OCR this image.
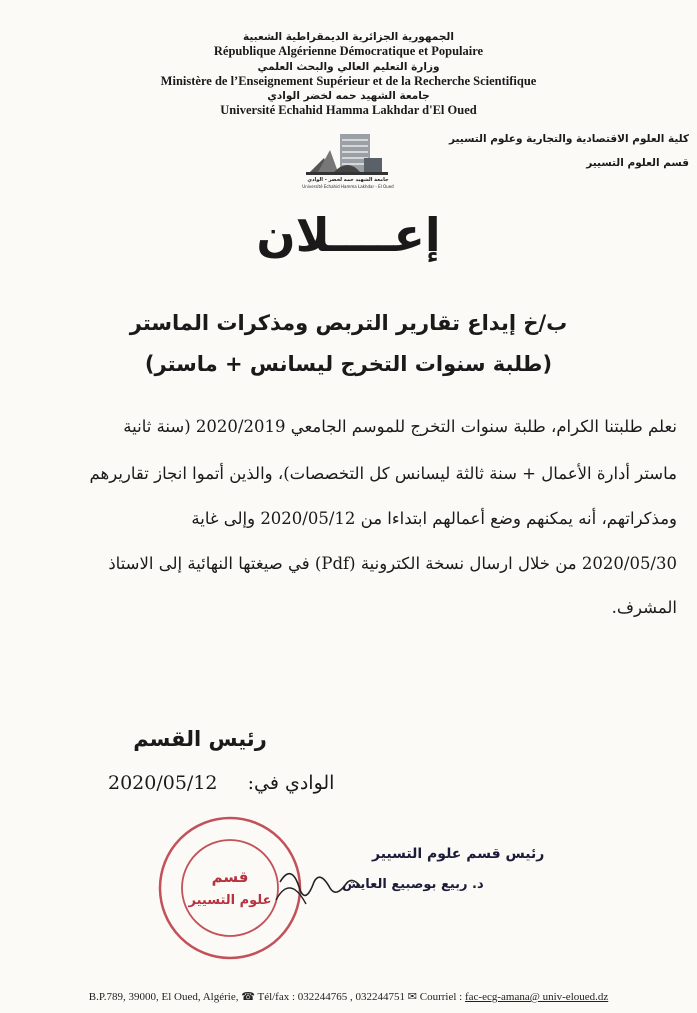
الجمهورية الجزائرية الديمقراطية الشعبية
République Algérienne Démocratique et Populaire
وزارة التعليم العالي والبحث العلمي
Ministère de l’Enseignement Supérieur et de la Recherche Scientifique
جامعة الشهيد حمه لخضر الوادي
Université Echahid Hamma Lakhdar d'El Oued
كلية العلوم الاقتصادية والتجارية وعلوم التسيير
قسم العلوم التسيير
جامعة الشهيد حمه لخضر - الوادي
Université Echahid Hamma Lakhdar - El Oued
إعــــلان
ب/خ إيداع تقارير التربص ومذكرات الماستر
(طلبة سنوات التخرج ليسانس + ماستر)
نعلم طلبتنا الكرام، طلبة سنوات التخرج للموسم الجامعي 2020/2019 (سنة ثانية
ماستر أدارة الأعمال + سنة ثالثة ليسانس كل التخصصات)، والذين أتموا انجاز تقاريرهم
ومذكراتهم، أنه يمكنهم وضع أعمالهم ابتداءا من 2020/05/12 وإلى غاية
2020/05/30 من خلال ارسال نسخة الكترونية (Pdf) في صيغتها النهائية إلى الاستاذ
المشرف.
رئيس القسم
الوادي في:  2020/05/12
قسم
علوم التسيير
رئيس قسم علوم التسيير
د. ربيع بوصبيع العايش
B.P.789, 39000, El Oued, Algérie, ☎ Tél/fax : 032244765 , 032244751 ✉ Courriel : fac-ecg-amana@ univ-eloued.dz
